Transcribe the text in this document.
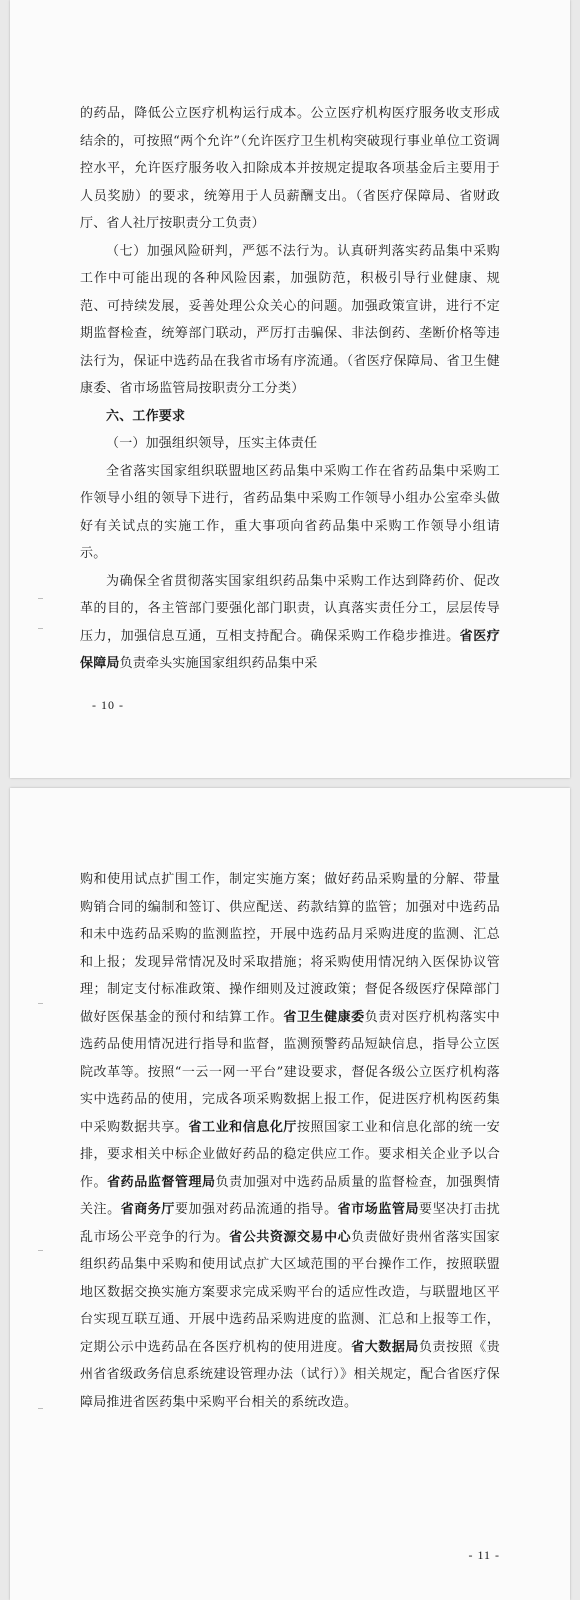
的药品，降低公立医疗机构运行成本。公立医疗机构医疗服务收支形成结余的，可按照“两个允许”（允许医疗卫生机构突破现行事业单位工资调控水平，允许医疗服务收入扣除成本并按规定提取各项基金后主要用于人员奖励）的要求，统筹用于人员薪酬支出。（省医疗保障局、省财政厅、省人社厅按职责分工负责）

（七）加强风险研判，严惩不法行为。认真研判落实药品集中采购工作中可能出现的各种风险因素，加强防范，积极引导行业健康、规范、可持续发展，妥善处理公众关心的问题。加强政策宣讲，进行不定期监督检查，统筹部门联动，严厉打击骗保、非法倒药、垄断价格等违法行为，保证中选药品在我省市场有序流通。（省医疗保障局、省卫生健康委、省市场监管局按职责分工分类）

六、工作要求

（一）加强组织领导，压实主体责任

全省落实国家组织联盟地区药品集中采购工作在省药品集中采购工作领导小组的领导下进行，省药品集中采购工作领导小组办公室牵头做好有关试点的实施工作，重大事项向省药品集中采购工作领导小组请示。

为确保全省贯彻落实国家组织药品集中采购工作达到降药价、促改革的目的，各主管部门要强化部门职责，认真落实责任分工，层层传导压力，加强信息互通，互相支持配合。确保采购工作稳步推进。省医疗保障局负责牵头实施国家组织药品集中采

- 10 -

购和使用试点扩围工作，制定实施方案；做好药品采购量的分解、带量购销合同的编制和签订、供应配送、药款结算的监管；加强对中选药品和未中选药品采购的监测监控，开展中选药品月采购进度的监测、汇总和上报；发现异常情况及时采取措施；将采购使用情况纳入医保协议管理；制定支付标准政策、操作细则及过渡政策；督促各级医疗保障部门做好医保基金的预付和结算工作。省卫生健康委负责对医疗机构落实中选药品使用情况进行指导和监督，监测预警药品短缺信息，指导公立医院改革等。按照“一云一网一平台”建设要求，督促各级公立医疗机构落实中选药品的使用，完成各项采购数据上报工作，促进医疗机构医药集中采购数据共享。省工业和信息化厅按照国家工业和信息化部的统一安排，要求相关中标企业做好药品的稳定供应工作。要求相关企业予以合作。省药品监督管理局负责加强对中选药品质量的监督检查，加强舆情关注。省商务厅要加强对药品流通的指导。省市场监管局要坚决打击扰乱市场公平竞争的行为。省公共资源交易中心负责做好贵州省落实国家组织药品集中采购和使用试点扩大区域范围的平台操作工作，按照联盟地区数据交换实施方案要求完成采购平台的适应性改造，与联盟地区平台实现互联互通、开展中选药品采购进度的监测、汇总和上报等工作，定期公示中选药品在各医疗机构的使用进度。省大数据局负责按照《贵州省省级政务信息系统建设管理办法（试行）》相关规定，配合省医疗保障局推进省医药集中采购平台相关的系统改造。

- 11 -
